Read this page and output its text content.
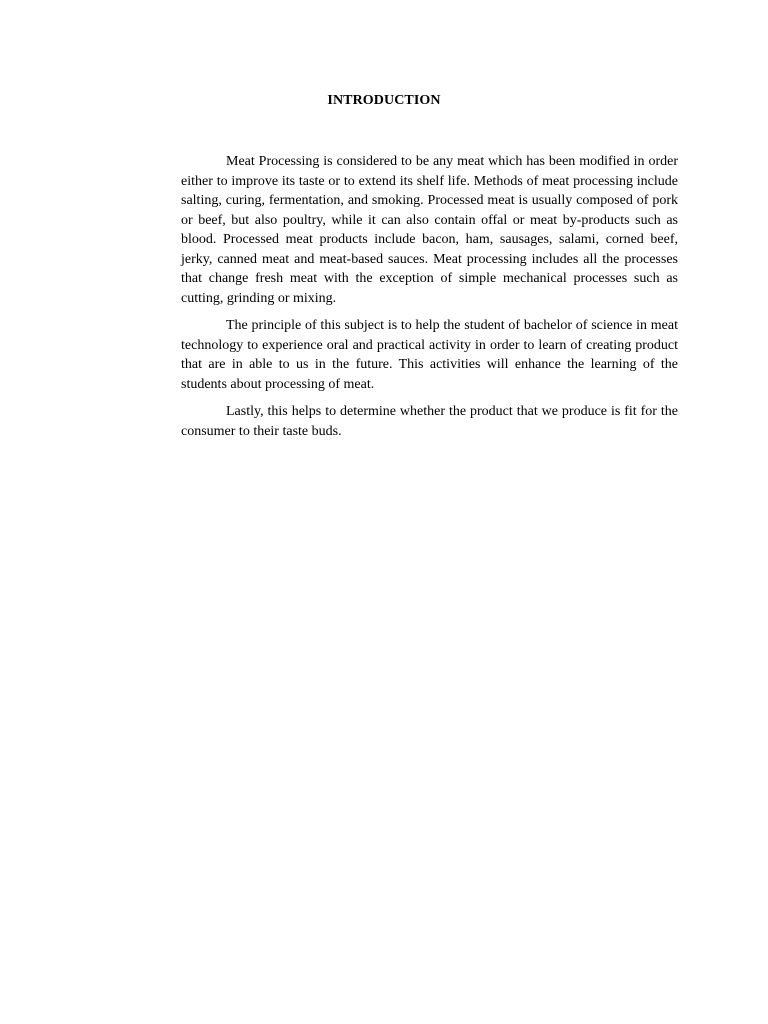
INTRODUCTION

Meat Processing is considered to be any meat which has been modified in order either to improve its taste or to extend its shelf life. Methods of meat processing include salting, curing, fermentation, and smoking. Processed meat is usually composed of pork or beef, but also poultry, while it can also contain offal or meat by-products such as blood. Processed meat products include bacon, ham, sausages, salami, corned beef, jerky, canned meat and meat-based sauces. Meat processing includes all the processes that change fresh meat with the exception of simple mechanical processes such as cutting, grinding or mixing.

The principle of this subject is to help the student of bachelor of science in meat technology to experience oral and practical activity in order to learn of creating product that are in able to us in the future. This activities will enhance the learning of the students about processing of meat.

Lastly, this helps to determine whether the product that we produce is fit for the consumer to their taste buds.
